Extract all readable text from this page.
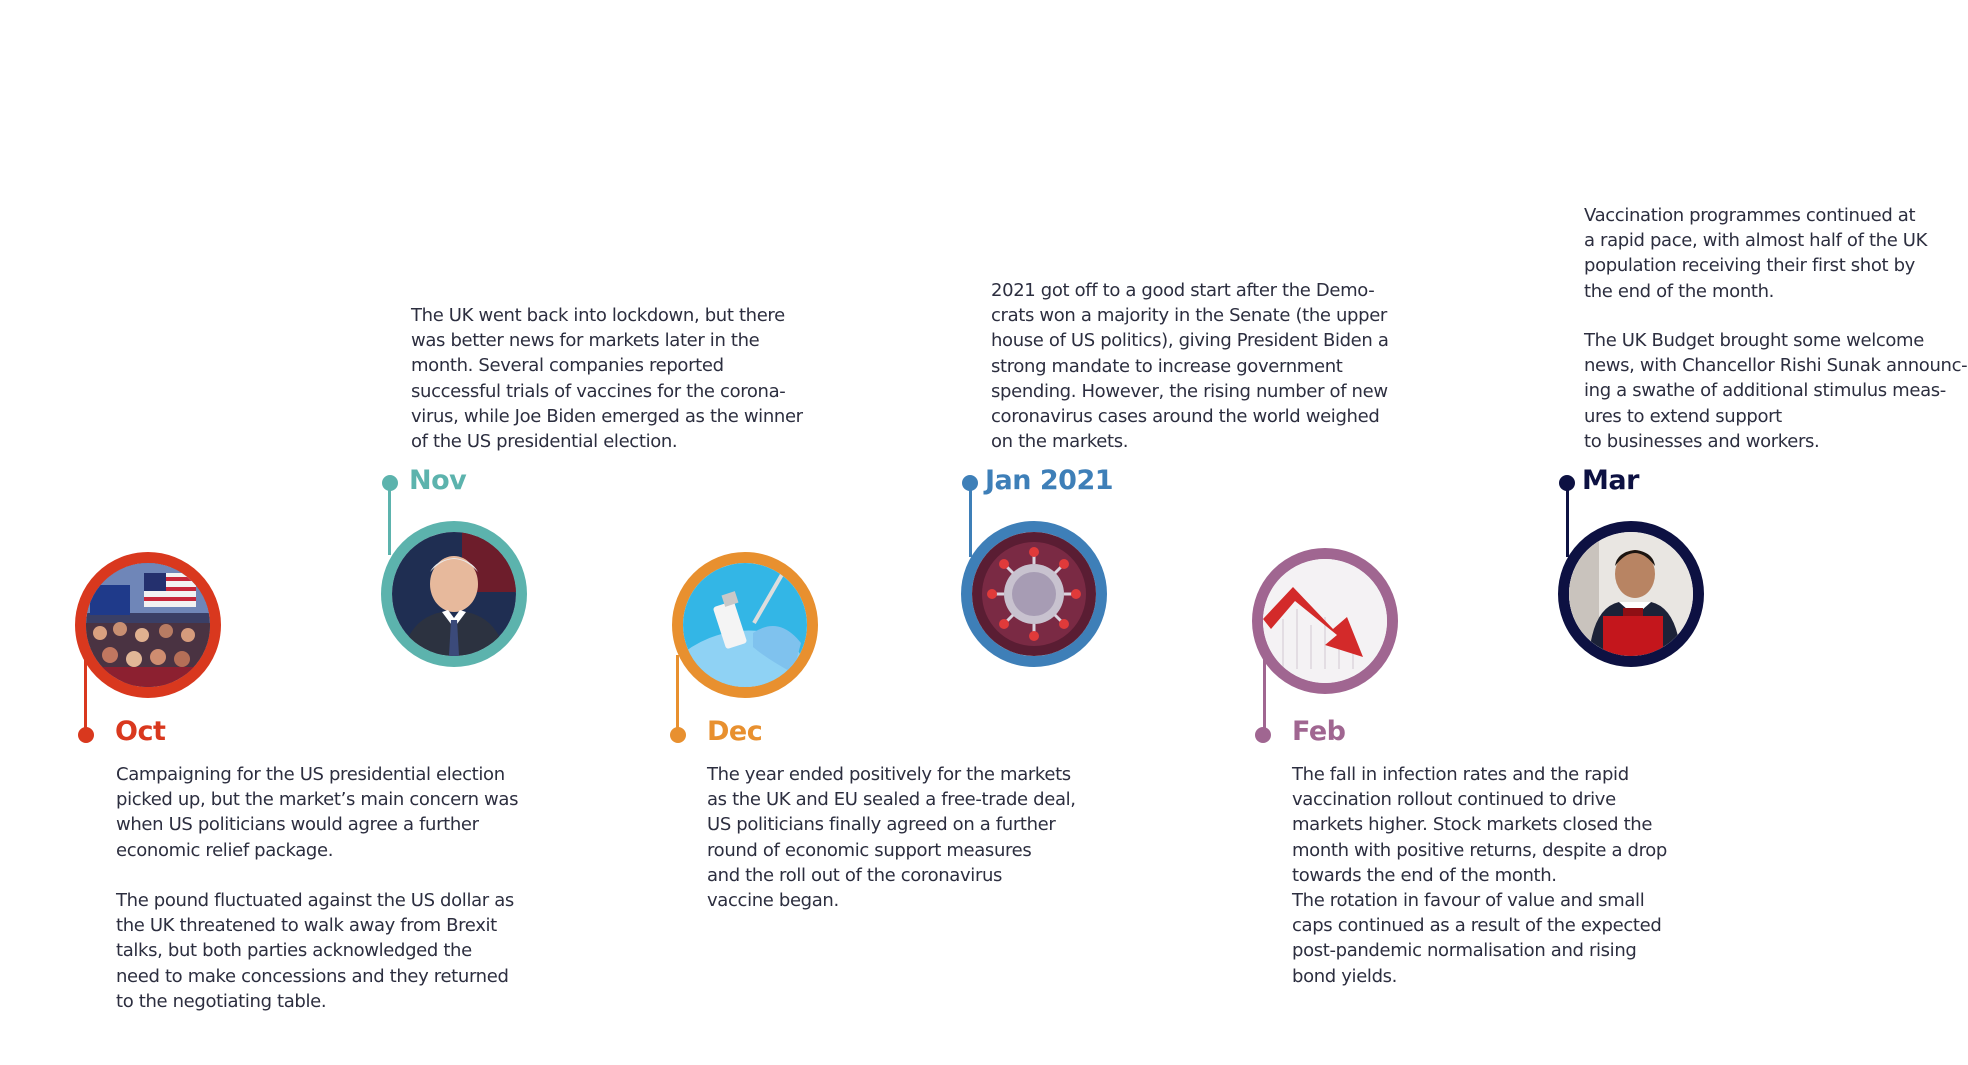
Oct
Campaigning for the US presidential election
picked up, but the market’s main concern was
when US politicians would agree a further
economic relief package.
The pound fluctuated against the US dollar as
the UK threatened to walk away from Brexit
talks, but both parties acknowledged the
need to make concessions and they returned
to the negotiating table.
The UK went back into lockdown, but there
was better news for markets later in the
month. Several companies reported
successful trials of vaccines for the corona-
virus, while Joe Biden emerged as the winner
of the US presidential election.
Nov
Dec
The year ended positively for the markets
as the UK and EU sealed a free-trade deal,
US politicians finally agreed on a further
round of economic support measures
and the roll out of the coronavirus
vaccine began.
2021 got off to a good start after the Demo-
crats won a majority in the Senate (the upper
house of US politics), giving President Biden a
strong mandate to increase government
spending. However, the rising number of new
coronavirus cases around the world weighed
on the markets.
Jan 2021
Feb
The fall in infection rates and the rapid
vaccination rollout continued to drive
markets higher. Stock markets closed the
month with positive returns, despite a drop
towards the end of the month.
The rotation in favour of value and small
caps continued as a result of the expected
post-pandemic normalisation and rising
bond yields.
Vaccination programmes continued at
a rapid pace, with almost half of the UK
population receiving their first shot by
the end of the month.
The UK Budget brought some welcome
news, with Chancellor Rishi Sunak announc-
ing a swathe of additional stimulus meas-
ures to extend support
to businesses and workers.
Mar
